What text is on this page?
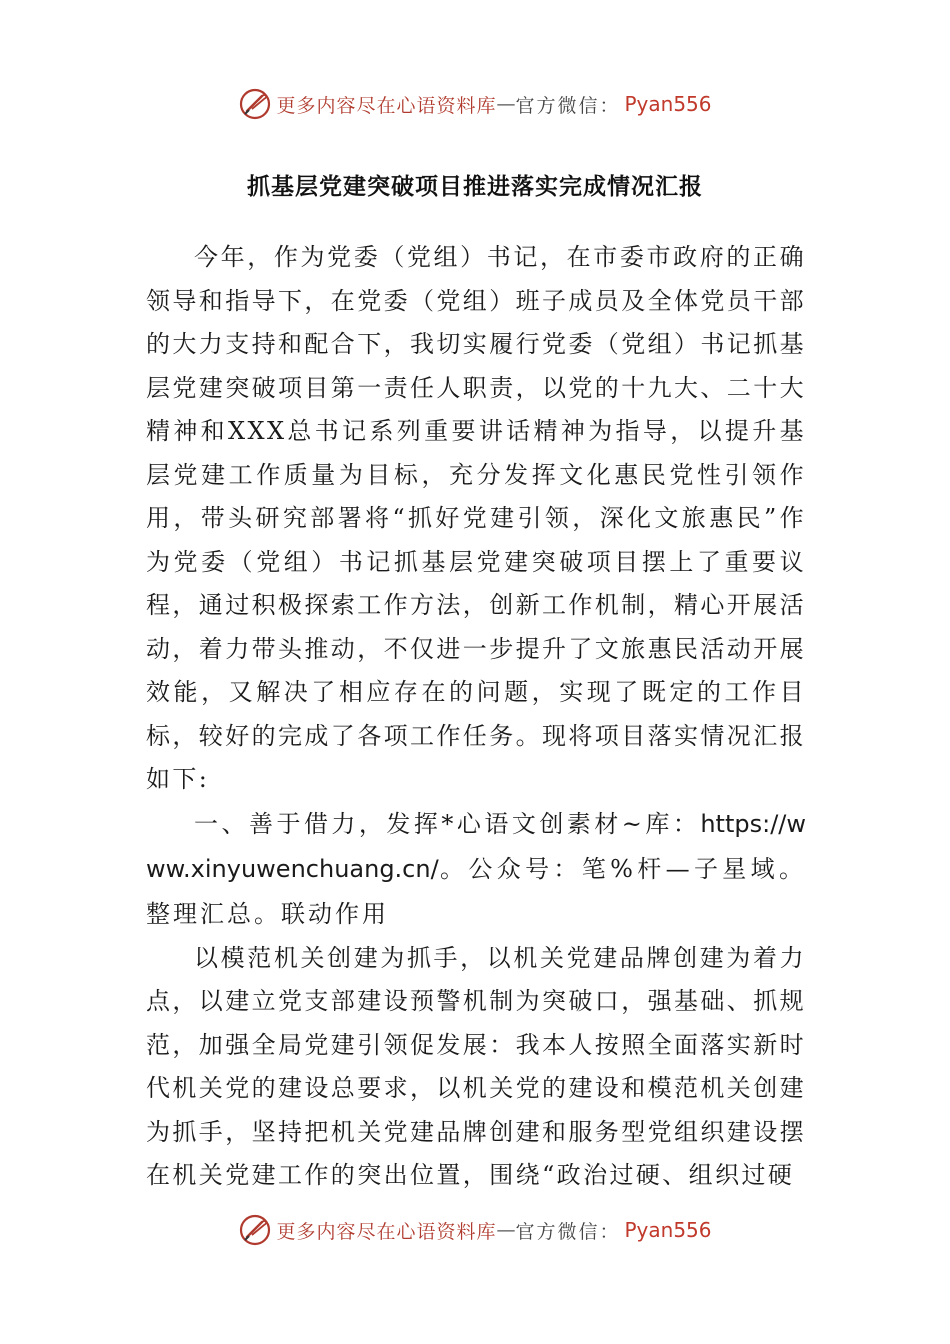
更多内容尽在心语资料库 — 官方微信： Pyan556
抓基层党建突破项目推进落实完成情况汇报

今年，作为党委（党组）书记，在市委市政府的正确领导和指导下，在党委（党组）班子成员及全体党员干部的大力支持和配合下，我切实履行党委（党组）书记抓基层党建突破项目第一责任人职责，以党的十九大、二十大精神和XXX总书记系列重要讲话精神为指导，以提升基层党建工作质量为目标，充分发挥文化惠民党性引领作用，带头研究部署将“抓好党建引领，深化文旅惠民”作为党委（党组）书记抓基层党建突破项目摆上了重要议程，通过积极探索工作方法，创新工作机制，精心开展活动，着力带头推动，不仅进一步提升了文旅惠民活动开展效能，又解决了相应存在的问题，实现了既定的工作目标，较好的完成了各项工作任务。现将项目落实情况汇报如下:

一、善于借力，发挥*心语文创素材~库：https://www.xinyuwenchuang.cn/。公众号：笔%杆—子星域。整理汇总。联动作用

以模范机关创建为抓手，以机关党建品牌创建为着力点，以建立党支部建设预警机制为突破口，强基础、抓规范，加强全局党建引领促发展：我本人按照全面落实新时代机关党的建设总要求，以机关党的建设和模范机关创建为抓手，坚持把机关党建品牌创建和服务型党组织建设摆在机关党建工作的突出位置，围绕“政治过硬、组织过硬

更多内容尽在心语资料库 — 官方微信： Pyan556
